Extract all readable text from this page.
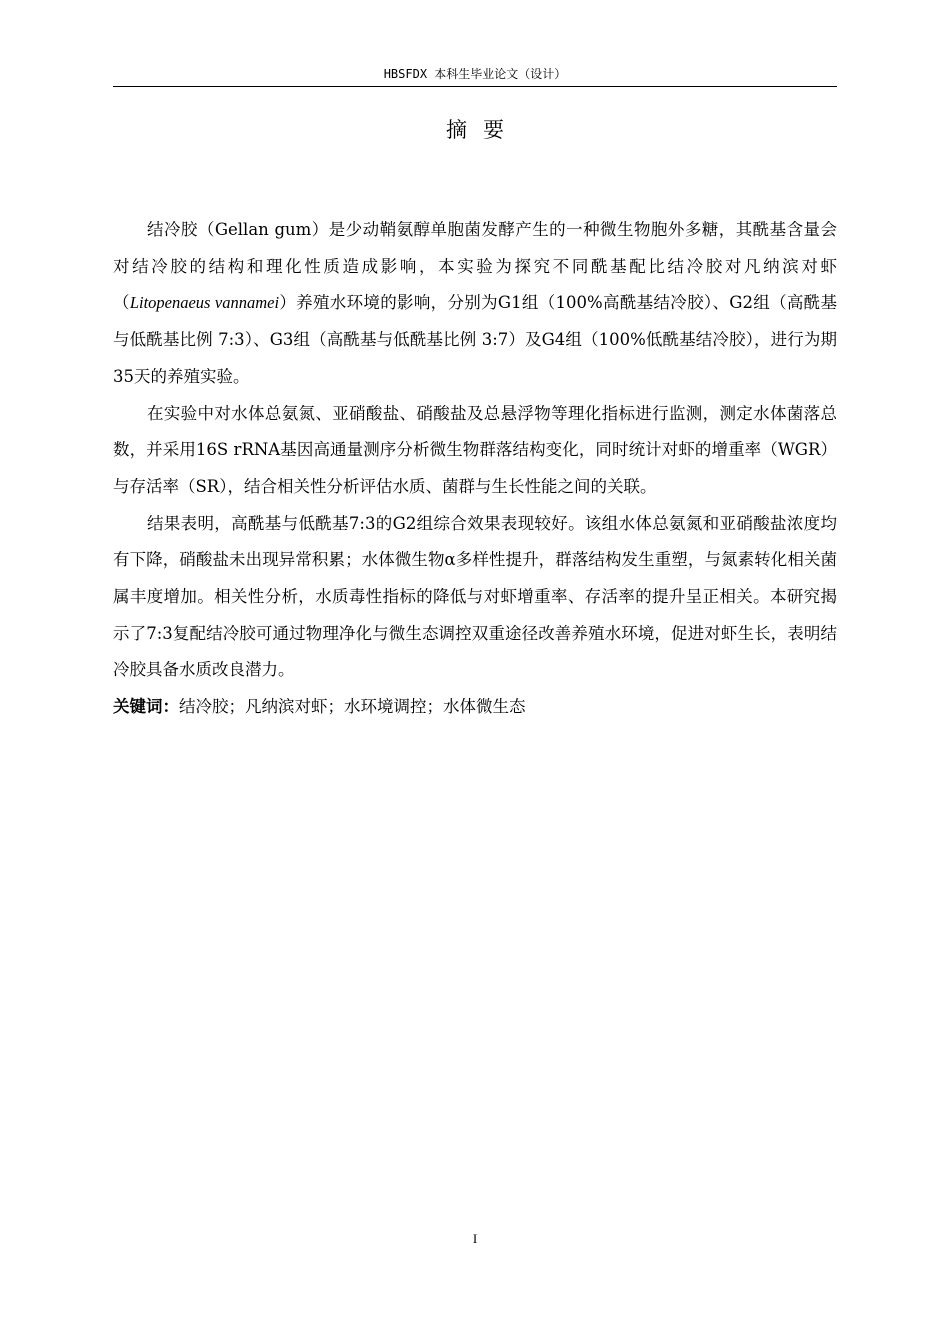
HBSFDX 本科生毕业论文（设计）
摘要

结冷胶（Gellan gum）是少动鞘氨醇单胞菌发酵产生的一种微生物胞外多糖，其酰基含量会对结冷胶的结构和理化性质造成影响，本实验为探究不同酰基配比结冷胶对凡纳滨对虾（Litopenaeus vannamei）养殖水环境的影响，分别为G1组（100%高酰基结冷胶）、G2组（高酰基与低酰基比例 7:3）、G3组（高酰基与低酰基比例 3:7）及G4组（100%低酰基结冷胶），进行为期35天的养殖实验。

在实验中对水体总氨氮、亚硝酸盐、硝酸盐及总悬浮物等理化指标进行监测，测定水体菌落总数，并采用16S rRNA基因高通量测序分析微生物群落结构变化，同时统计对虾的增重率（WGR）与存活率（SR），结合相关性分析评估水质、菌群与生长性能之间的关联。

结果表明，高酰基与低酰基7:3的G2组综合效果表现较好。该组水体总氨氮和亚硝酸盐浓度均有下降，硝酸盐未出现异常积累；水体微生物α多样性提升，群落结构发生重塑，与氮素转化相关菌属丰度增加。相关性分析，水质毒性指标的降低与对虾增重率、存活率的提升呈正相关。本研究揭示了7:3复配结冷胶可通过物理净化与微生态调控双重途径改善养殖水环境，促进对虾生长，表明结冷胶具备水质改良潜力。

关键词：结冷胶；凡纳滨对虾；水环境调控；水体微生态

I
